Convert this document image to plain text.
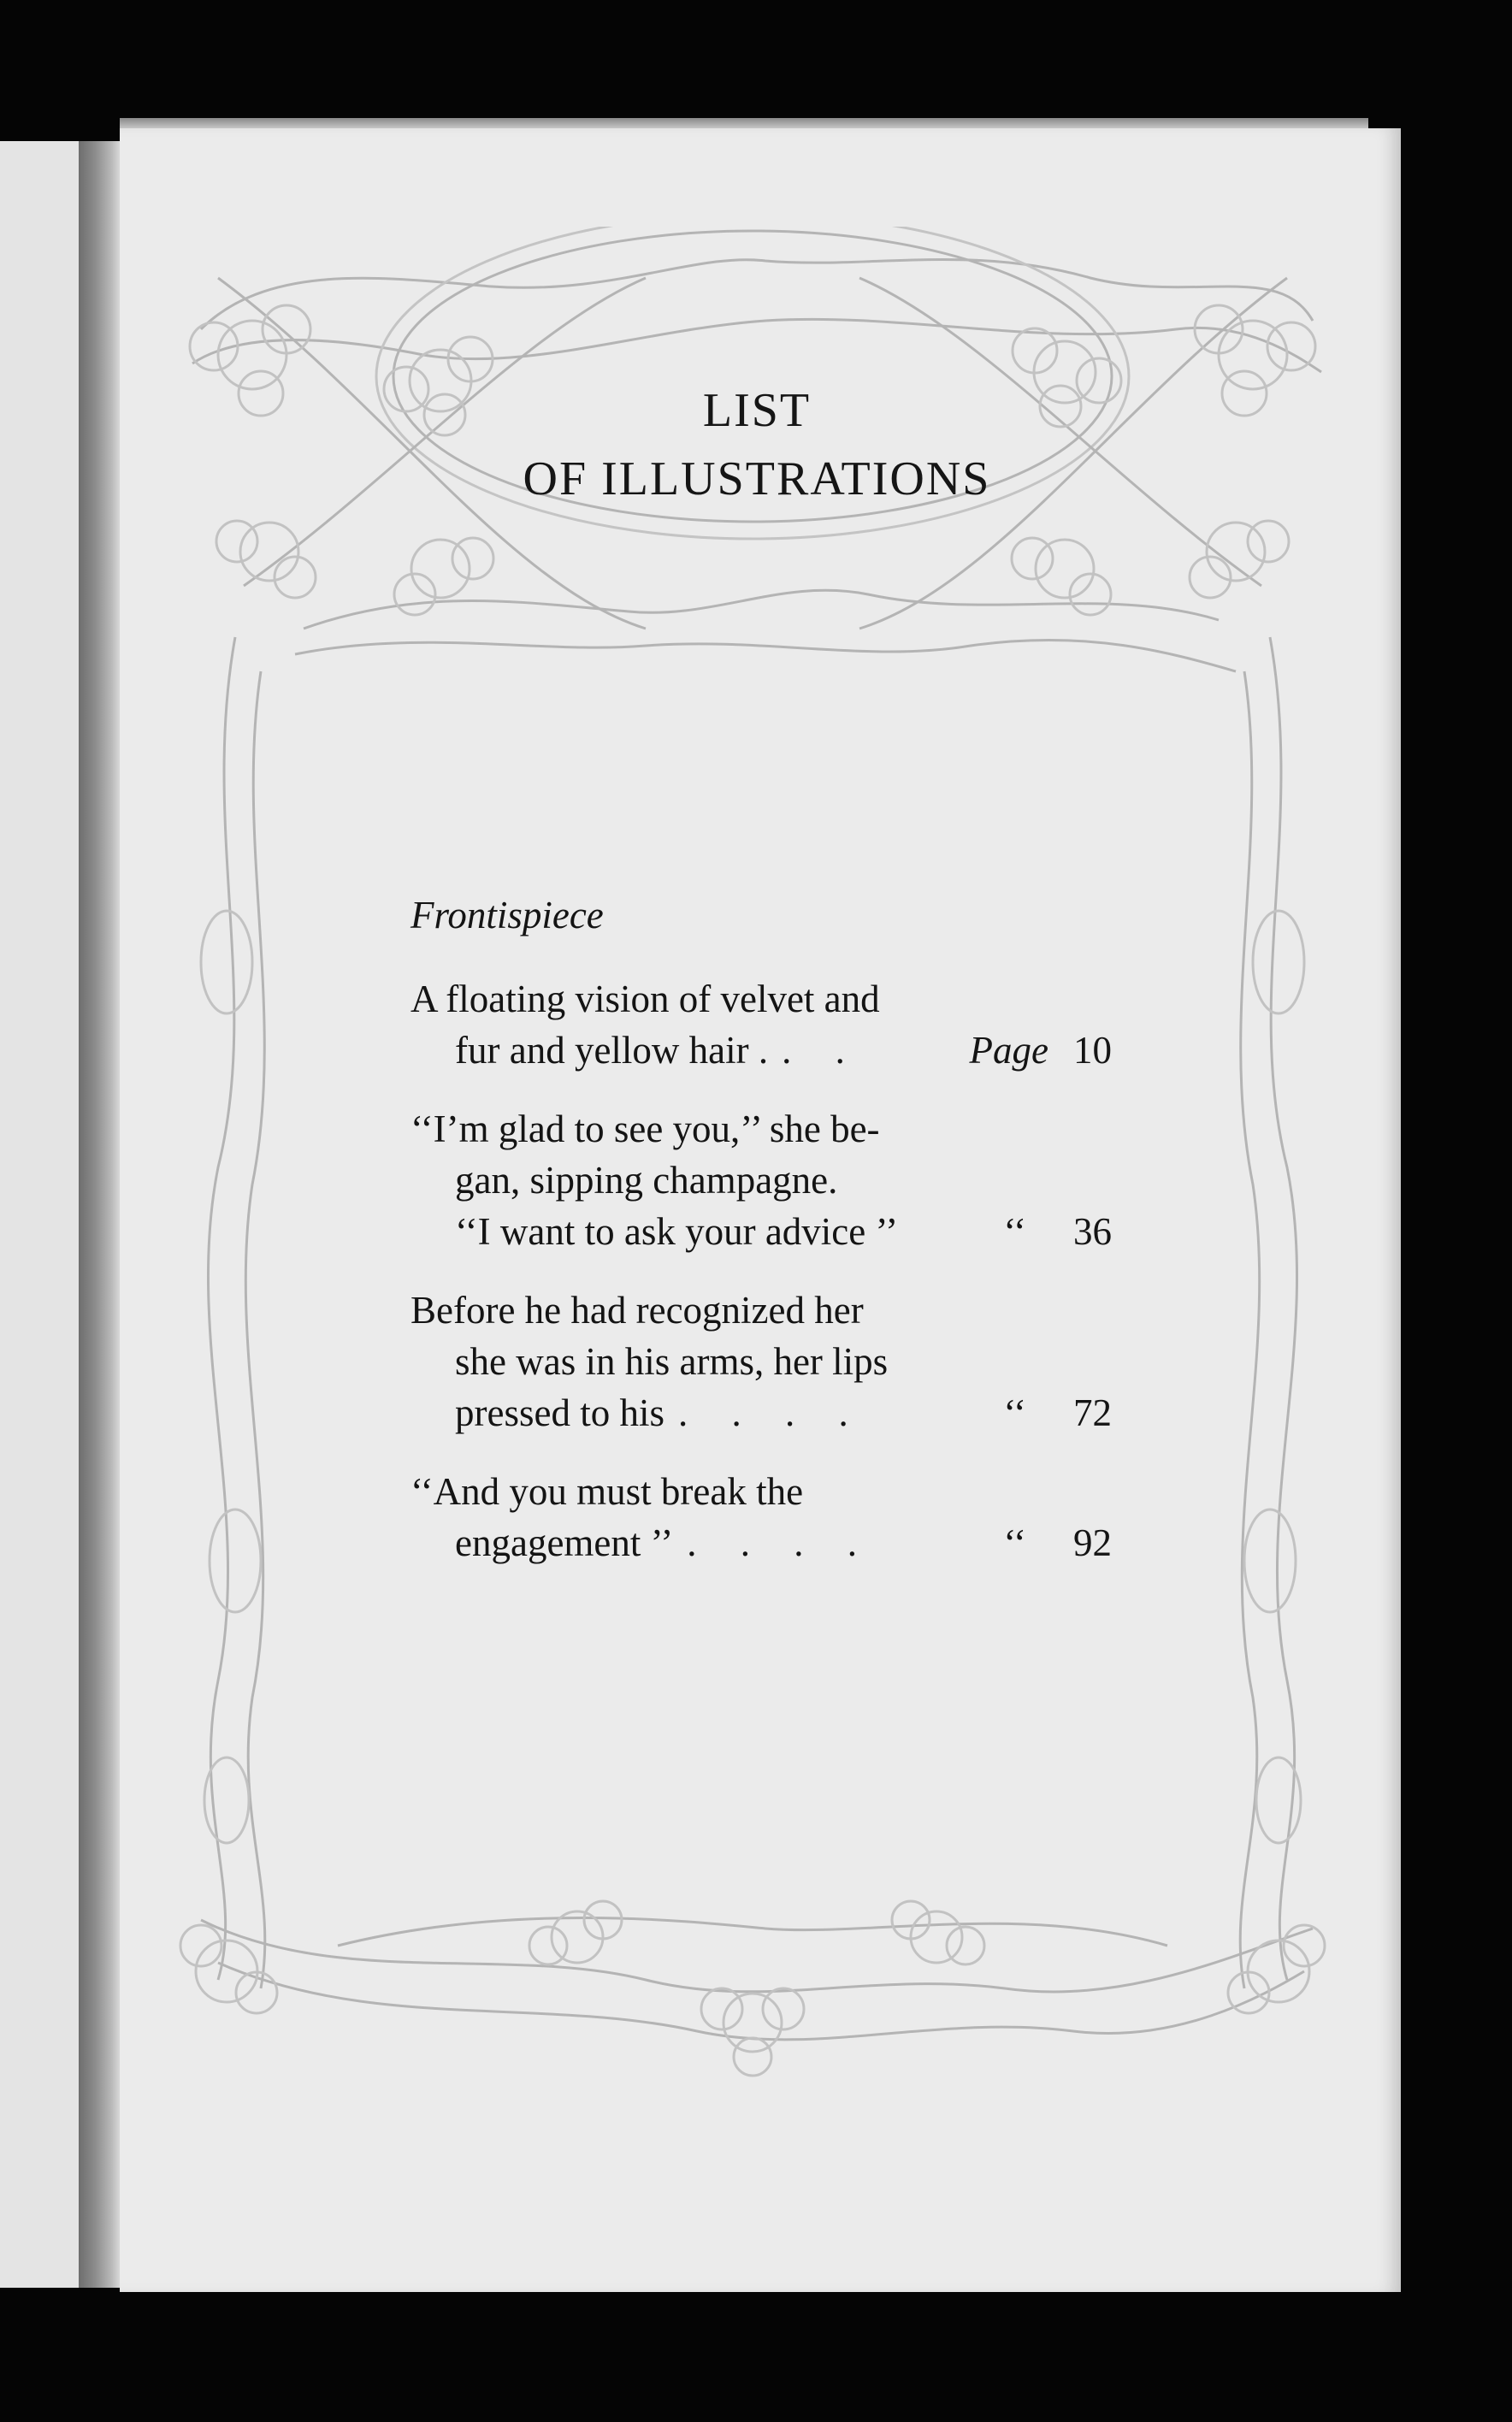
LIST
OF ILLUSTRATIONS
Frontispiece
A floating vision of velvet and
fur and yellow hair . . .	Page 10
‘‘I’m glad to see you,’’ she be-
gan, sipping champagne.
‘‘I want to ask your advice ’’	‘‘	36
Before he had recognized her
she was in his arms, her lips
pressed to his . . . .	‘‘	72
‘‘And you must break the
engagement ’’ . . . .	‘‘	92
